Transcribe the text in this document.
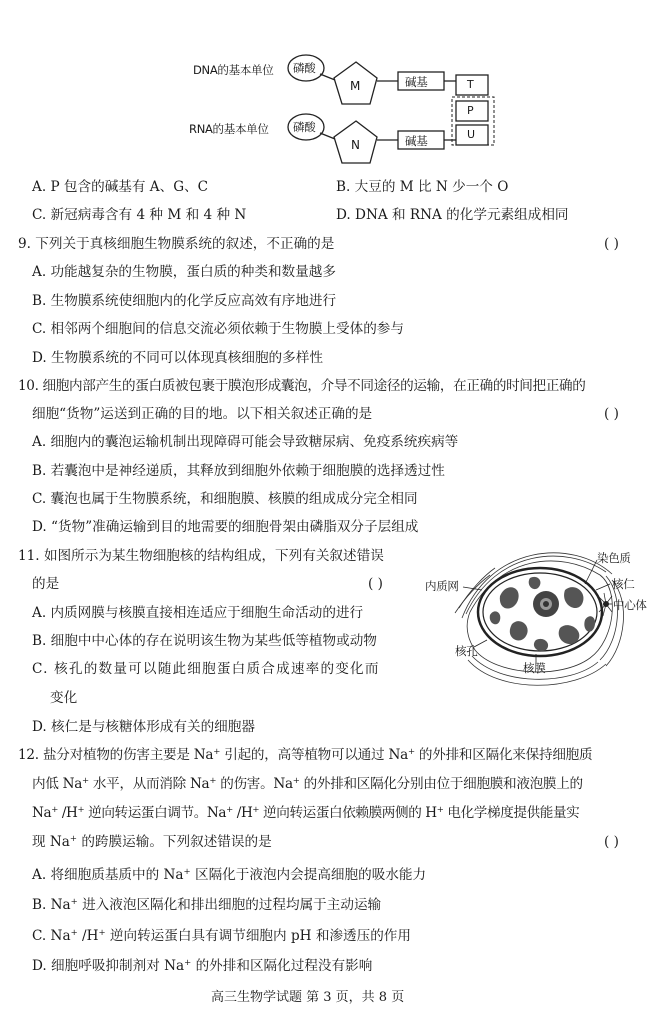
DNA的基本单位
RNA的基本单位
磷酸
磷酸
M
N
碱基
碱基
T
P
U
A. P 包含的碱基有 A、G、C	B. 大豆的 M 比 N 少一个 O
C. 新冠病毒含有 4 种 M 和 4 种 N	D. DNA 和 RNA 的化学元素组成相同
9. 下列关于真核细胞生物膜系统的叙述，不正确的是	( )
A. 功能越复杂的生物膜，蛋白质的种类和数量越多
B. 生物膜系统使细胞内的化学反应高效有序地进行
C. 相邻两个细胞间的信息交流必须依赖于生物膜上受体的参与
D. 生物膜系统的不同可以体现真核细胞的多样性
10. 细胞内部产生的蛋白质被包裹于膜泡形成囊泡，介导不同途径的运输，在正确的时间把正确的
细胞“货物”运送到正确的目的地。以下相关叙述正确的是	( )
A. 细胞内的囊泡运输机制出现障碍可能会导致糖尿病、免疫系统疾病等
B. 若囊泡中是神经递质，其释放到细胞外依赖于细胞膜的选择透过性
C. 囊泡也属于生物膜系统，和细胞膜、核膜的组成成分完全相同
D. “货物”准确运输到目的地需要的细胞骨架由磷脂双分子层组成
11. 如图所示为某生物细胞核的结构组成，下列有关叙述错误
的是	( )
A. 内质网膜与核膜直接相连适应于细胞生命活动的进行
B. 细胞中中心体的存在说明该生物为某些低等植物或动物
C. 核孔的数量可以随此细胞蛋白质合成速率的变化而
变化
D. 核仁是与核糖体形成有关的细胞器
染色质
内质网	核仁
中心体
核孔
核膜
12. 盐分对植物的伤害主要是 Na+ 引起的，高等植物可以通过 Na+ 的外排和区隔化来保持细胞质
内低 Na+ 水平，从而消除 Na+ 的伤害。Na+ 的外排和区隔化分别由位于细胞膜和液泡膜上的
Na+ /H+ 逆向转运蛋白调节。Na+ /H+ 逆向转运蛋白依赖膜两侧的 H+ 电化学梯度提供能量实
现 Na+ 的跨膜运输。下列叙述错误的是	( )
A. 将细胞质基质中的 Na+ 区隔化于液泡内会提高细胞的吸水能力
B. Na+ 进入液泡区隔化和排出细胞的过程均属于主动运输
C. Na+ /H+ 逆向转运蛋白具有调节细胞内 pH 和渗透压的作用
D. 细胞呼吸抑制剂对 Na+ 的外排和区隔化过程没有影响
高三生物学试题 第 3 页，共 8 页
